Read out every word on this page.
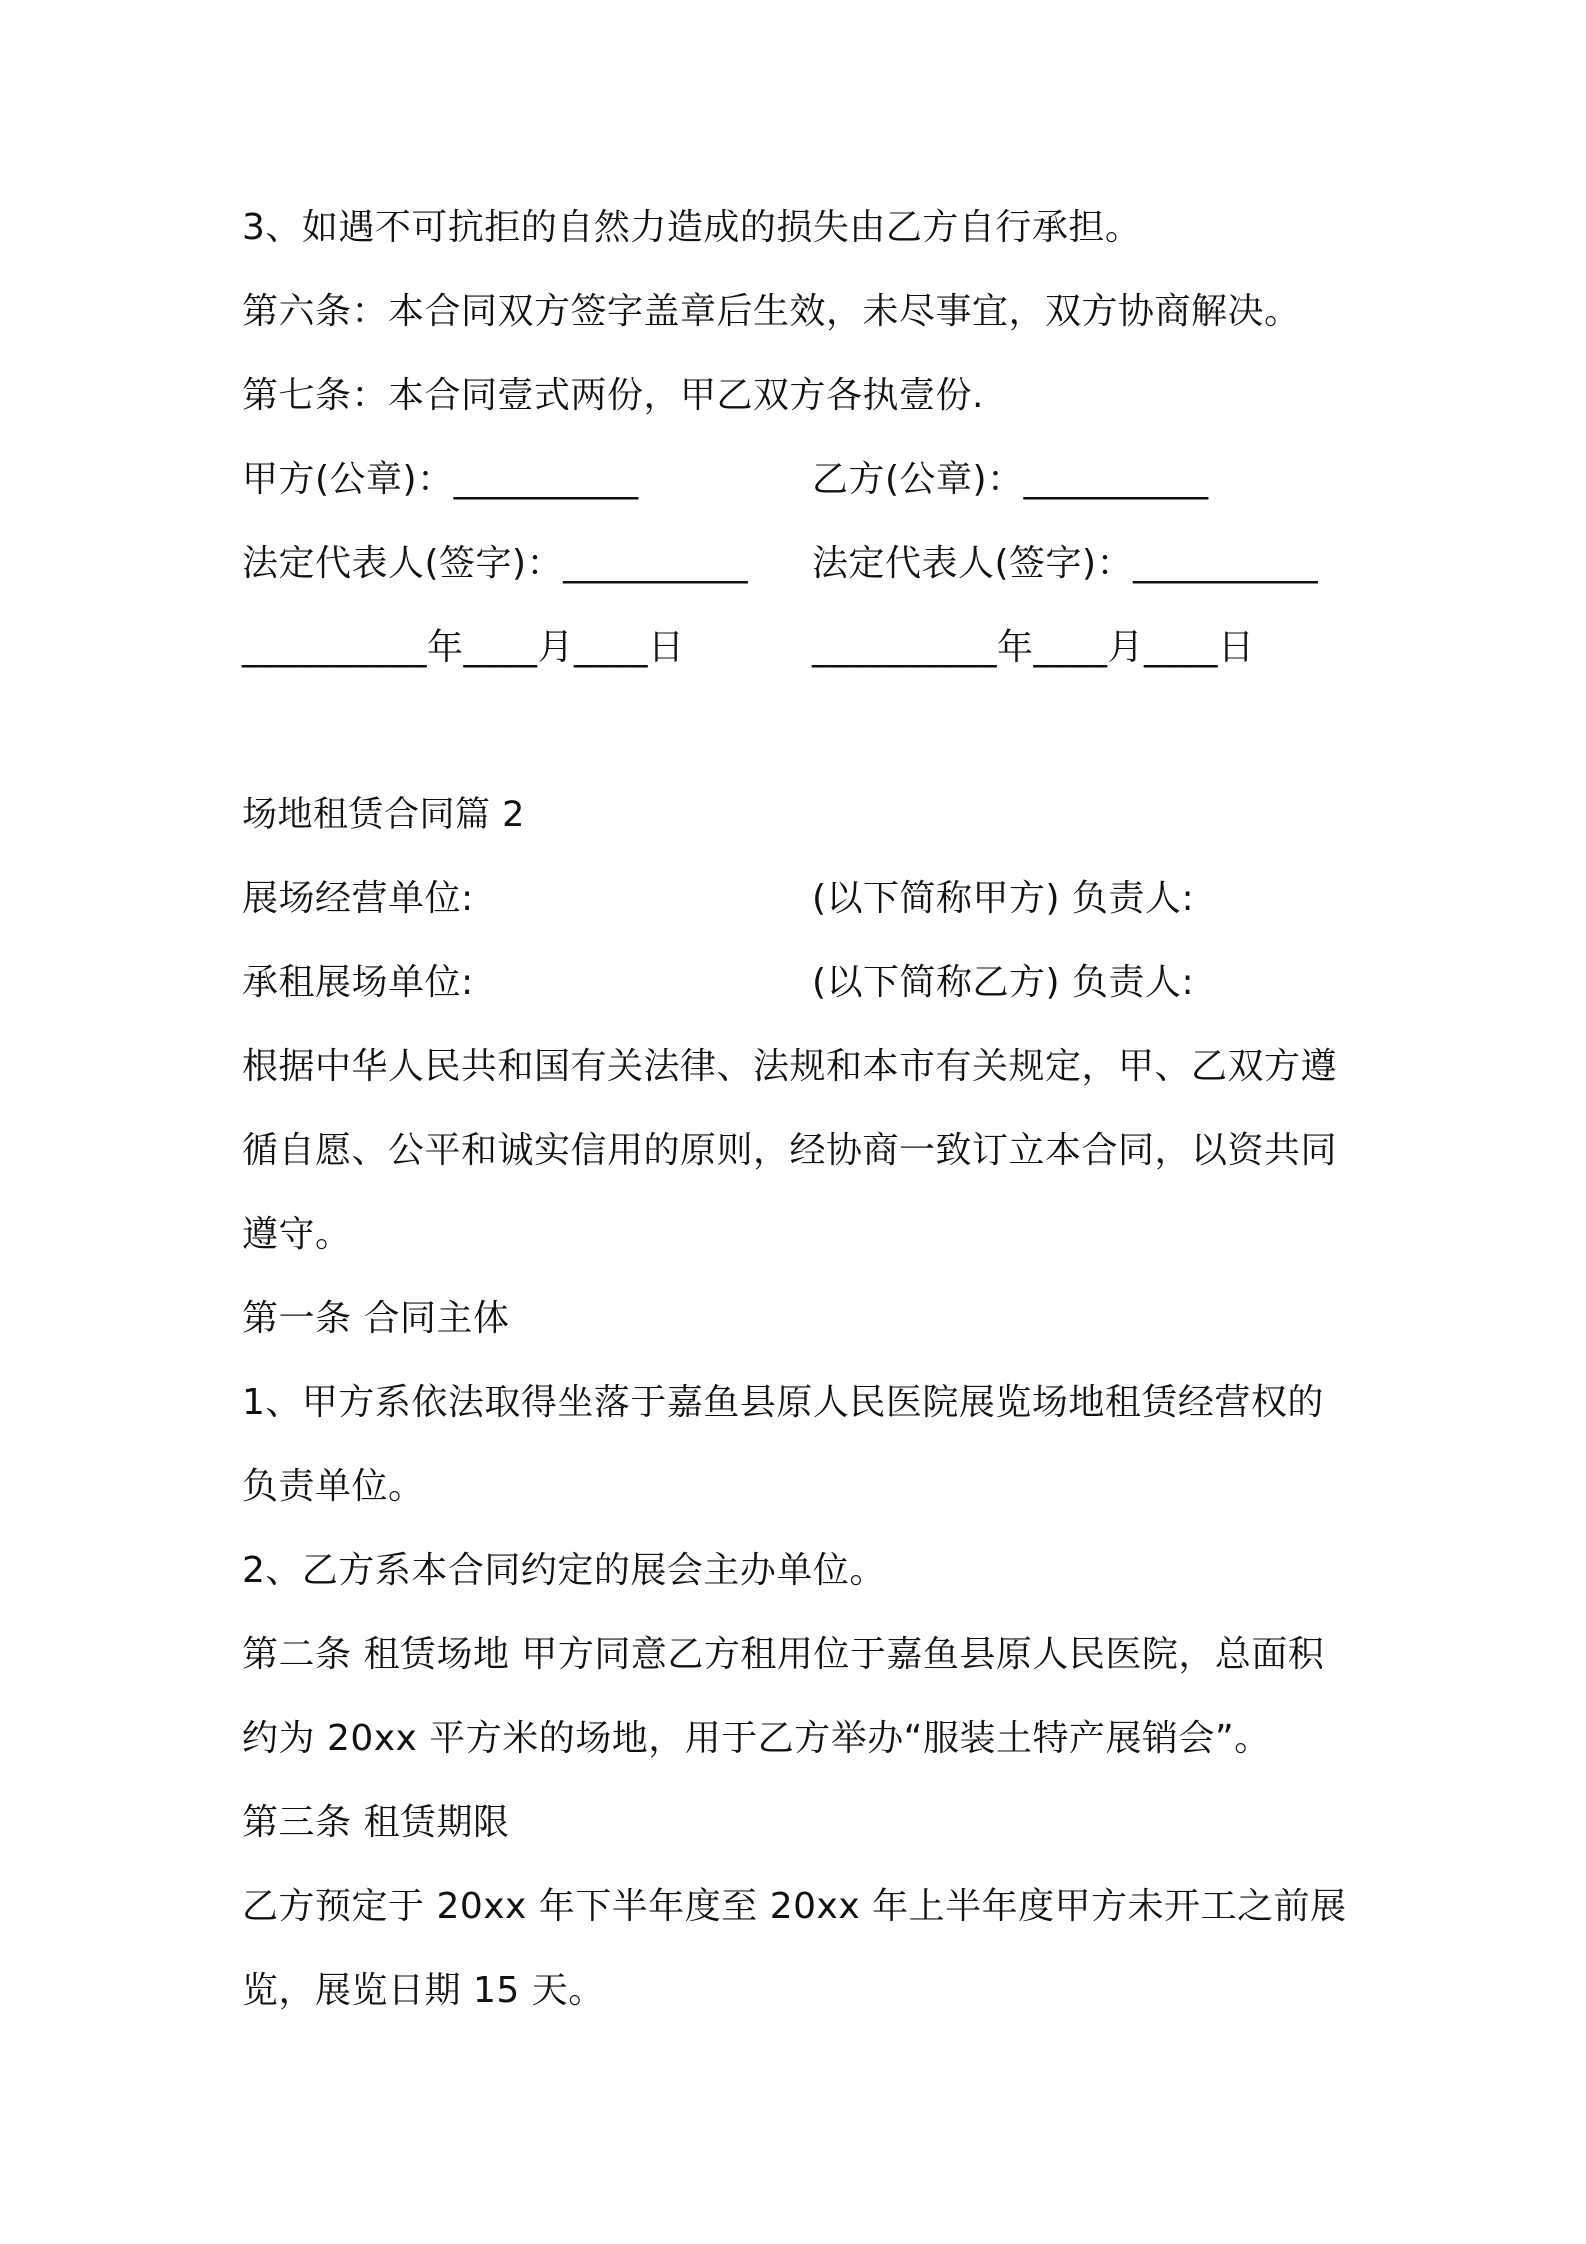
3、如遇不可抗拒的自然力造成的损失由乙方自行承担。
第六条：本合同双方签字盖章后生效，未尽事宜，双方协商解决。
第七条：本合同壹式两份，甲乙双方各执壹份.
甲方(公章)：__________	乙方(公章)：__________
法定代表人(签字)：__________ 法定代表人(签字)：__________
__________年____月____日	__________年____月____日
场地租赁合同篇 2
展场经营单位:	(以下简称甲方) 负责人:
承租展场单位:	(以下简称乙方) 负责人:
根据中华人民共和国有关法律、法规和本市有关规定，甲、乙双方遵
循自愿、公平和诚实信用的原则，经协商一致订立本合同，以资共同
遵守。
第一条 合同主体
1、甲方系依法取得坐落于嘉鱼县原人民医院展览场地租赁经营权的
负责单位。
2、乙方系本合同约定的展会主办单位。
第二条 租赁场地 甲方同意乙方租用位于嘉鱼县原人民医院，总面积
约为 20xx 平方米的场地，用于乙方举办“服装土特产展销会”。
第三条 租赁期限
乙方预定于 20xx 年下半年度至 20xx 年上半年度甲方未开工之前展
览，展览日期 15 天。
